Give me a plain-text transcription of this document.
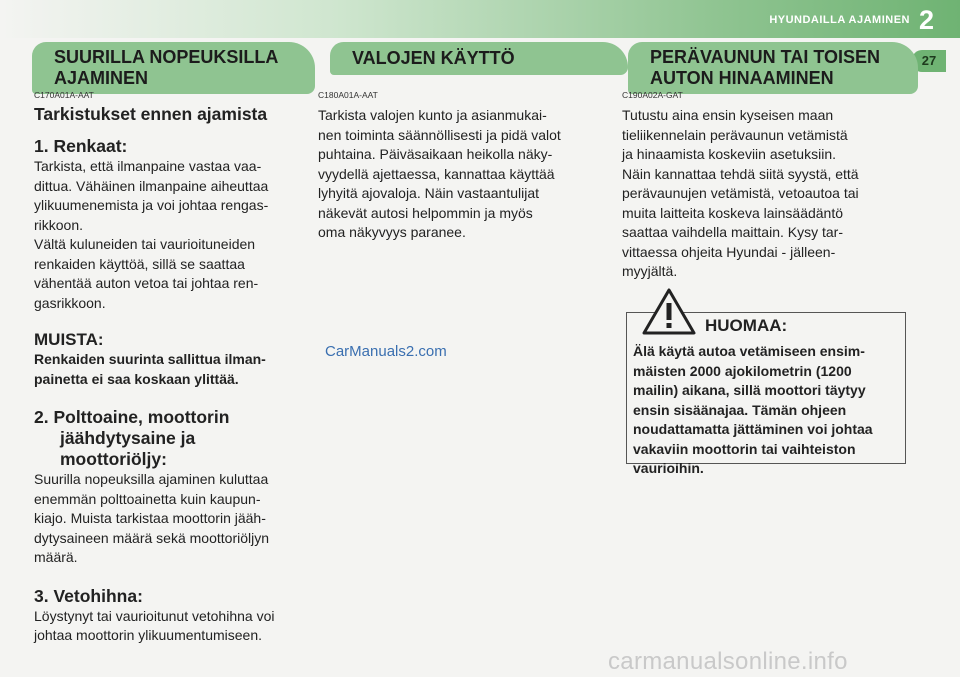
HYUNDAILLA AJAMINEN 2
27
SUURILLA NOPEUKSILLA
AJAMINEN
C170A01A-AAT
Tarkistukset ennen ajamista
1. Renkaat:
Tarkista, että ilmanpaine vastaa vaa-
dittua. Vähäinen ilmanpaine aiheuttaa
ylikuumenemista ja voi johtaa rengas-
rikkoon.
Vältä kuluneiden tai vaurioituneiden
renkaiden käyttöä, sillä se saattaa
vähentää auton vetoa tai johtaa ren-
gasrikkoon.
MUISTA:
Renkaiden suurinta sallittua ilman-
painetta ei saa koskaan ylittää.
2. Polttoaine, moottorin
jäähdytysaine ja moottoriöljy:
Suurilla nopeuksilla ajaminen kuluttaa
enemmän polttoainetta kuin kaupun-
kiajo. Muista tarkistaa moottorin jääh-
dytysaineen määrä sekä moottoriöljyn
määrä.
3. Vetohihna:
Löystynyt tai vaurioitunut vetohihna voi
johtaa moottorin ylikuumentumiseen.
VALOJEN KÄYTTÖ
C180A01A-AAT
Tarkista valojen kunto ja asianmukai-
nen toiminta säännöllisesti ja pidä valot
puhtaina. Päiväsaikaan heikolla näky-
vyydellä ajettaessa, kannattaa käyttää
lyhyitä ajovaloja. Näin vastaantulijat
näkevät autosi helpommin ja myös
oma näkyvyys paranee.
PERÄVAUNUN TAI TOISEN
AUTON HINAAMINEN
C190A02A-GAT
Tutustu aina ensin kyseisen maan
tieliikennelain perävaunun vetämistä
ja hinaamista koskeviin asetuksiin.
Näin kannattaa tehdä siitä syystä, että
perävaunujen vetämistä, vetoautoa tai
muita laitteita koskeva lainsäädäntö
saattaa vaihdella maittain. Kysy tar-
vittaessa ohjeita Hyundai - jälleen-
myyjältä.
HUOMAA:
Älä käytä autoa vetämiseen ensim-
mäisten 2000 ajokilometrin (1200
mailin) aikana, sillä moottori täytyy
ensin sisäänajaa. Tämän ohjeen
noudattamatta jättäminen voi johtaa
vakaviin moottorin tai vaihteiston
vaurioihin.
CarManuals2.com
carmanualsonline.info
